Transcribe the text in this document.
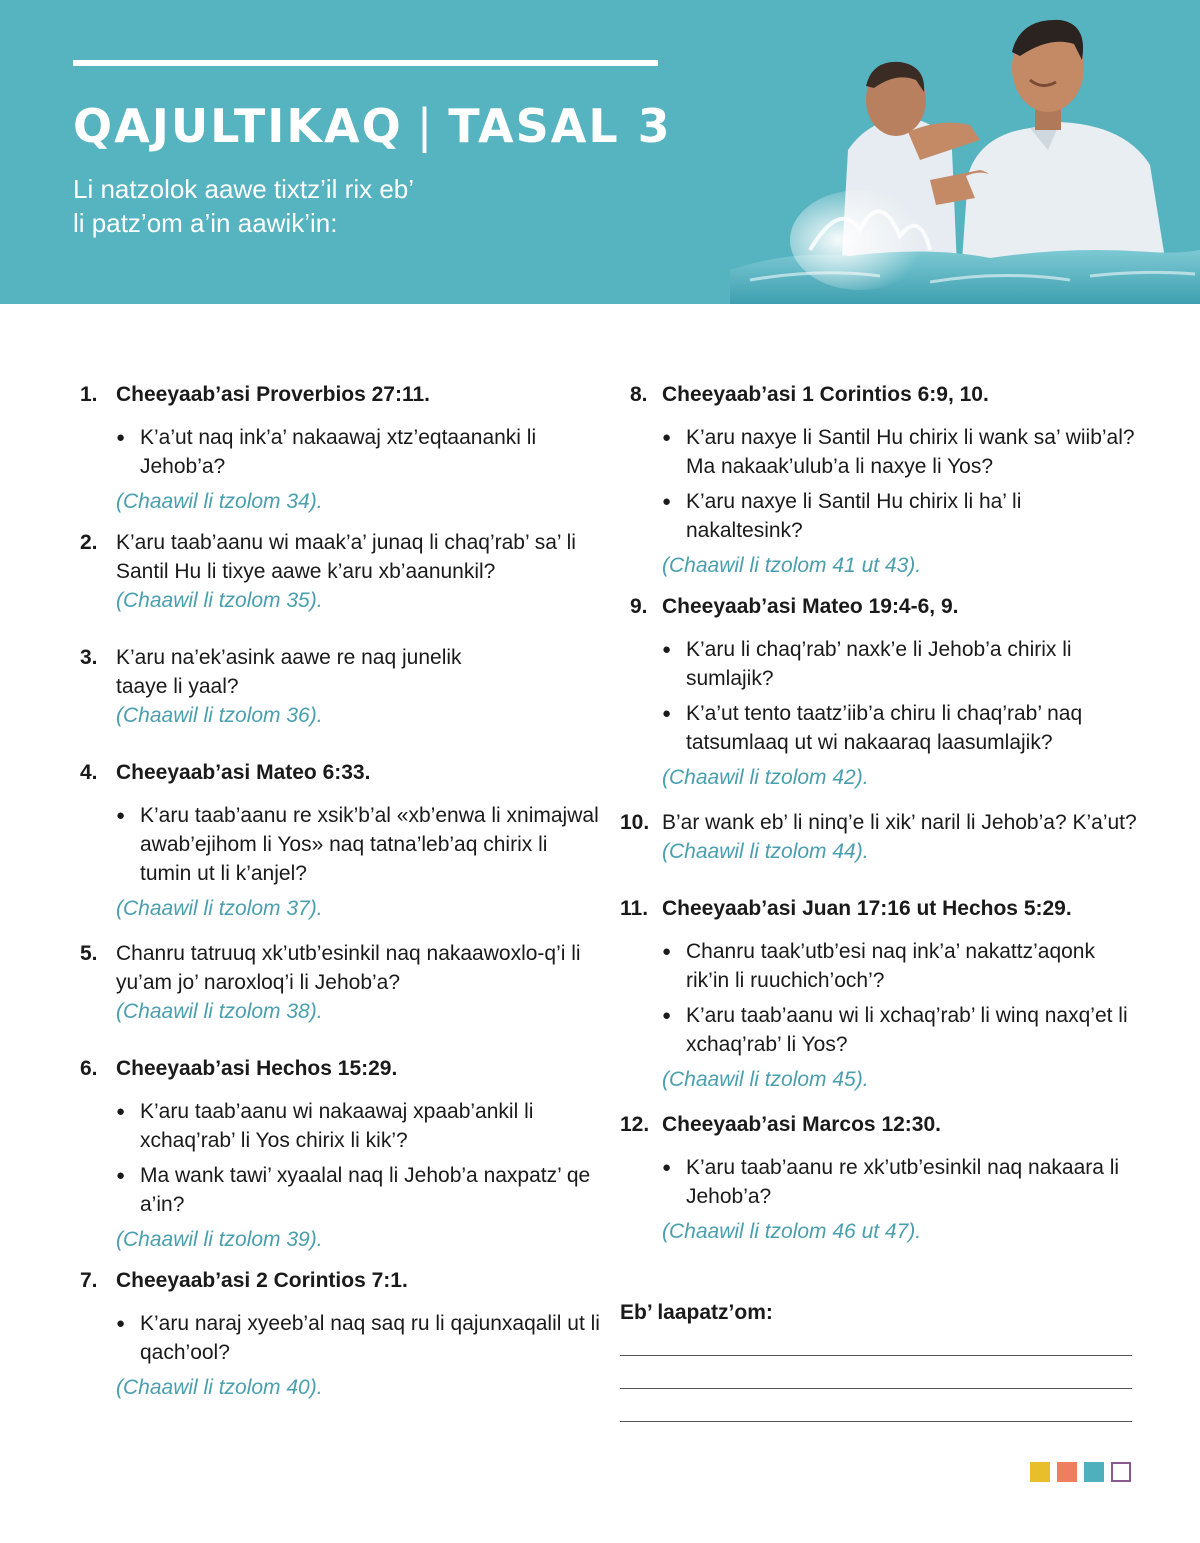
QAJULTIKAQ | TASAL 3

Li natzolok aawe tixtz’il rix eb’
li patz’om a’in aawik’in:

1. Cheeyaab’asi Proverbios 27:11.

● K’a’ut naq ink’a’ nakaawaj xtz’eqtaananki li Jehob’a?

(Chaawil li tzolom 34).

2. K’aru taab’aanu wi maak’a’ junaq li chaq’rab’ sa’ li Santil Hu li tixye aawe k’aru xb’aanunkil?

(Chaawil li tzolom 35).

3. K’aru na’ek’asink aawe re naq junelik taaye li yaal?

(Chaawil li tzolom 36).

4. Cheeyaab’asi Mateo 6:33.

● K’aru taab’aanu re xsik’b’al «xb’enwa li xnimajwal awab’ejihom li Yos» naq tatna’leb’aq chirix li tumin ut li k’anjel?

(Chaawil li tzolom 37).

5. Chanru tatruuq xk’utb’esinkil naq nakaawoxlo-q’i li yu’am jo’ naroxloq’i li Jehob’a?

(Chaawil li tzolom 38).

6. Cheeyaab’asi Hechos 15:29.

● K’aru taab’aanu wi nakaawaj xpaab’ankil li xchaq’rab’ li Yos chirix li kik’?
● Ma wank tawi’ xyaalal naq li Jehob’a naxpatz’ qe a’in?

(Chaawil li tzolom 39).

7. Cheeyaab’asi 2 Corintios 7:1.

● K’aru naraj xyeeb’al naq saq ru li qajunxaqalil ut li qach’ool?

(Chaawil li tzolom 40).

8. Cheeyaab’asi 1 Corintios 6:9, 10.

● K’aru naxye li Santil Hu chirix li wank sa’ wiib’al? Ma nakaak’ulub’a li naxye li Yos?
● K’aru naxye li Santil Hu chirix li ha’ li nakaltesink?

(Chaawil li tzolom 41 ut 43).

9. Cheeyaab’asi Mateo 19:4-6, 9.

● K’aru li chaq’rab’ naxk’e li Jehob’a chirix li sumlajik?
● K’a’ut tento taatz’iib’a chiru li chaq’rab’ naq tatsumlaaq ut wi nakaaraq laasumlajik?

(Chaawil li tzolom 42).

10. B’ar wank eb’ li ninq’e li xik’ naril li Jehob’a? K’a’ut?

(Chaawil li tzolom 44).

11. Cheeyaab’asi Juan 17:16 ut Hechos 5:29.

● Chanru taak’utb’esi naq ink’a’ nakattz’aqonk rik’in li ruuchich’och’?
● K’aru taab’aanu wi li xchaq’rab’ li winq naxq’et li xchaq’rab’ li Yos?

(Chaawil li tzolom 45).

12. Cheeyaab’asi Marcos 12:30.

● K’aru taab’aanu re xk’utb’esinkil naq nakaara li Jehob’a?

(Chaawil li tzolom 46 ut 47).

Eb’ laapatz’om:
